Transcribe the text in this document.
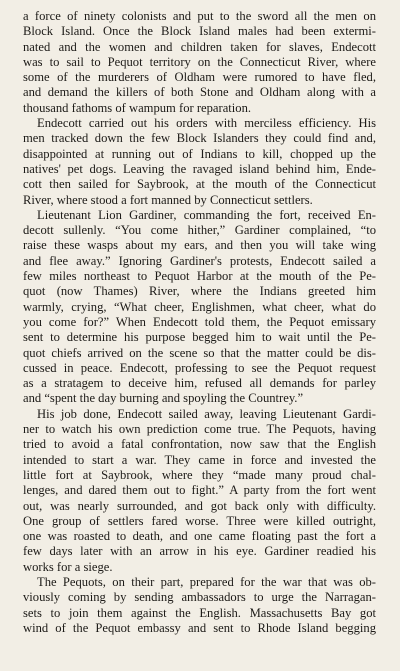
a force of ninety colonists and put to the sword all the men on
Block Island. Once the Block Island males had been extermi-
nated and the women and children taken for slaves, Endecott
was to sail to Pequot territory on the Connecticut River, where
some of the murderers of Oldham were rumored to have fled,
and demand the killers of both Stone and Oldham along with a
thousand fathoms of wampum for reparation.
Endecott carried out his orders with merciless efficiency. His
men tracked down the few Block Islanders they could find and,
disappointed at running out of Indians to kill, chopped up the
natives' pet dogs. Leaving the ravaged island behind him, Ende-
cott then sailed for Saybrook, at the mouth of the Connecticut
River, where stood a fort manned by Connecticut settlers.
Lieutenant Lion Gardiner, commanding the fort, received En-
decott sullenly. “You come hither,” Gardiner complained, “to
raise these wasps about my ears, and then you will take wing
and flee away.” Ignoring Gardiner's protests, Endecott sailed a
few miles northeast to Pequot Harbor at the mouth of the Pe-
quot (now Thames) River, where the Indians greeted him
warmly, crying, “What cheer, Englishmen, what cheer, what do
you come for?” When Endecott told them, the Pequot emissary
sent to determine his purpose begged him to wait until the Pe-
quot chiefs arrived on the scene so that the matter could be dis-
cussed in peace. Endecott, professing to see the Pequot request
as a stratagem to deceive him, refused all demands for parley
and “spent the day burning and spoyling the Countrey.”
His job done, Endecott sailed away, leaving Lieutenant Gardi-
ner to watch his own prediction come true. The Pequots, having
tried to avoid a fatal confrontation, now saw that the English
intended to start a war. They came in force and invested the
little fort at Saybrook, where they “made many proud chal-
lenges, and dared them out to fight.” A party from the fort went
out, was nearly surrounded, and got back only with difficulty.
One group of settlers fared worse. Three were killed outright,
one was roasted to death, and one came floating past the fort a
few days later with an arrow in his eye. Gardiner readied his
works for a siege.
The Pequots, on their part, prepared for the war that was ob-
viously coming by sending ambassadors to urge the Narragan-
sets to join them against the English. Massachusetts Bay got
wind of the Pequot embassy and sent to Rhode Island begging
